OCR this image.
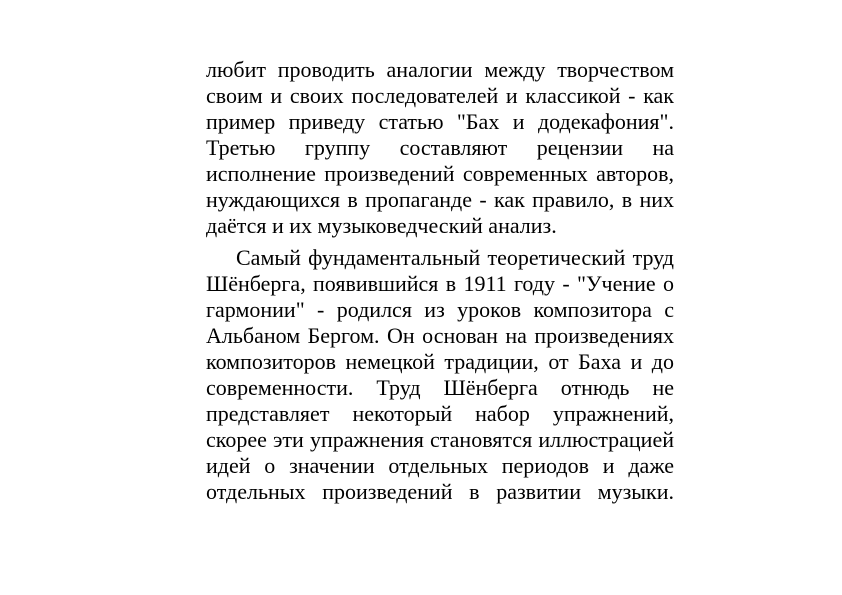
любит проводить аналогии между творчеством
своим и своих последователей и классикой - как
пример приведу статью "Бах и додекафония".
Третью группу составляют рецензии на
исполнение произведений современных авторов,
нуждающихся в пропаганде - как правило, в них
даётся и их музыковедческий анализ.
Самый фундаментальный теоретический труд
Шёнберга, появившийся в 1911 году - "Учение о
гармонии" - родился из уроков композитора с
Альбаном Бергом. Он основан на произведениях
композиторов немецкой традиции, от Баха и до
современности. Труд Шёнберга отнюдь не
представляет некоторый набор упражнений,
скорее эти упражнения становятся иллюстрацией
идей о значении отдельных периодов и даже
отдельных произведений в развитии музыки.
